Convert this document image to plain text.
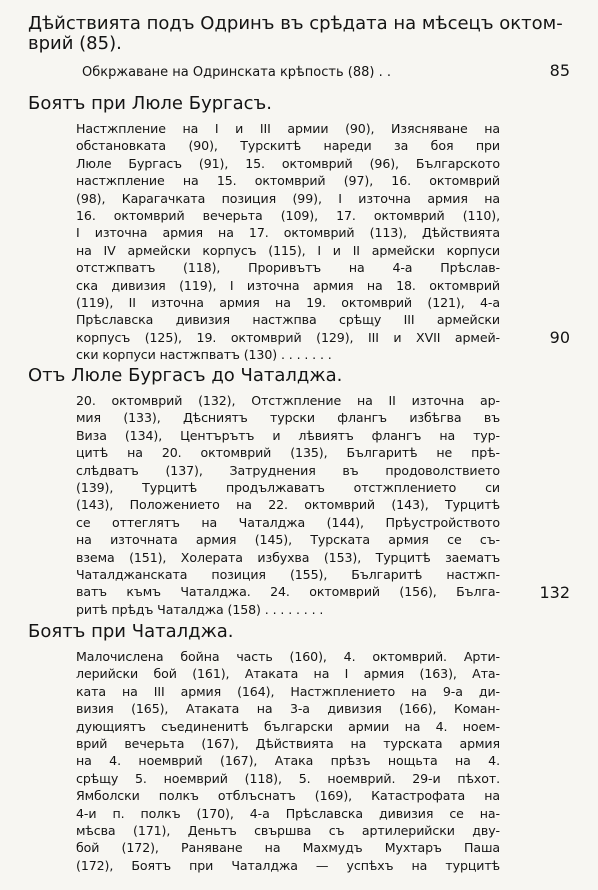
Дѣйствията подъ Одринъ въ срѣдата на мѣсецъ октом-
врий (85).
Обкржаване на Одринската крѣпость (88) . .	85
Боятъ при Люле Бургасъ.
Настжпление на I и III армии (90), Изясняване на
обстановката (90), Турскитѣ нареди за боя при
Люле Бургасъ (91), 15. октомврий (96), Българското
настжпление на 15. октомврий (97), 16. октомврий
(98), Карагачката позиция (99), I източна армия на
16. октомврий вечерьта (109), 17. октомврий (110),
I източна армия на 17. октомврий (113), Дѣйствията
на IV армейски корпусъ (115), I и II армейски корпуси
отстжпватъ (118), Проривътъ на 4-а Прѣслав-
ска дивизия (119), I източна армия на 18. октомврий
(119), II източна армия на 19. октомврий (121), 4-а
Прѣславска дивизия настжпва срѣщу III армейски
корпусъ (125), 19. октомврий (129), III и XVII армей-
ски корпуси настжпватъ (130) . . . . . . .
90
Отъ Люле Бургасъ до Чаталджа.
20. октомврий (132), Отстжпление на II източна ар-
мия (133), Дѣсниятъ турски флангъ избѣгва въ
Виза (134), Центърътъ и лѣвиятъ флангъ на тур-
цитѣ на 20. октомврий (135), Българитѣ не прѣ-
слѣдватъ (137), Затруднения въ продоволствието
(139), Турцитѣ продължаватъ отстжплението си
(143), Положението на 22. октомврий (143), Турцитѣ
се оттеглятъ на Чаталджа (144), Прѣустройството
на източната армия (145), Турската армия се съ-
взема (151), Холерата избухва (153), Турцитѣ заематъ
Чаталджанската позиция (155), Българитѣ настжп-
ватъ къмъ Чаталджа. 24. октомврий (156), Бълга-
ритѣ прѣдъ Чаталджа (158) . . . . . . . .
132
Боятъ при Чаталджа.
Малочислена бойна часть (160), 4. октомврий. Арти-
лерийски бой (161), Атаката на I армия (163), Ата-
ката на III армия (164), Настжплението на 9-а ди-
визия (165), Атаката на 3-а дивизия (166), Коман-
дующиятъ съединенитѣ български армии на 4. ноем-
врий вечерьта (167), Дѣйствията на турската армия
на 4. ноемврий (167), Атака прѣзъ нощьта на 4.
срѣщу 5. ноемврий (118), 5. ноемврий. 29-и пѣхот.
Ямболски полкъ отблъснатъ (169), Катастрофата на
4-и п. полкъ (170), 4-а Прѣславска дивизия се на-
мѣсва (171), Деньтъ свършва съ артилерийски дву-
бой (172), Раняване на Махмудъ Мухтаръ Паша
(172), Боятъ при Чаталджа — успѣхъ на турцитѣ
